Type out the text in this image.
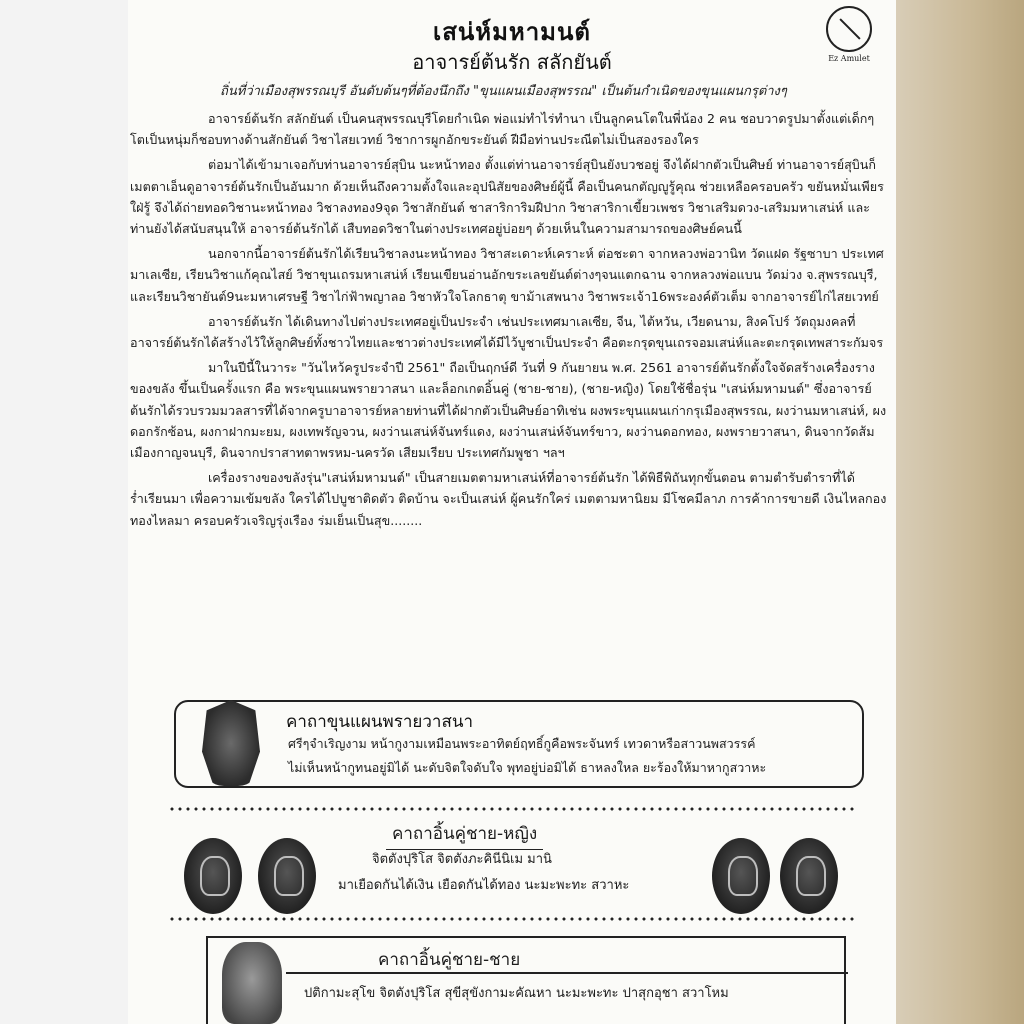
Ez Amulet
เสน่ห์มหามนต์
อาจารย์ต้นรัก สลักยันต์
ถิ่นที่ว่าเมืองสุพรรณบุรี อันดับต้นๆที่ต้องนึกถึง "ขุนแผนเมืองสุพรรณ" เป็นต้นกำเนิดของขุนแผนกรุต่างๆ

อาจารย์ต้นรัก สลักยันต์ เป็นคนสุพรรณบุรีโดยกำเนิด พ่อแม่ทำไร่ทำนา เป็นลูกคนโตในพี่น้อง 2 คน ชอบวาดรูปมาตั้งแต่เด็กๆ โตเป็นหนุ่มก็ชอบทางด้านสักยันต์ วิชาไสยเวทย์ วิชาการผูกอักขระยันต์ ฝีมือท่านประณีตไม่เป็นสองรองใคร

ต่อมาได้เข้ามาเจอกับท่านอาจารย์สุบิน นะหน้าทอง ตั้งแต่ท่านอาจารย์สุบินยังบวชอยู่ จึงได้ฝากตัวเป็นศิษย์ ท่านอาจารย์สุบินก็เมตตาเอ็นดูอาจารย์ต้นรักเป็นอันมาก ด้วยเห็นถึงความตั้งใจและอุปนิสัยของศิษย์ผู้นี้ คือเป็นคนกตัญญูรู้คุณ ช่วยเหลือครอบครัว ขยันหมั่นเพียร ใฝ่รู้ จึงได้ถ่ายทอดวิชานะหน้าทอง วิชาลงทอง9จุด วิชาสักยันต์ ชาสาริการิมฝีปาก วิชาสาริกาเขี้ยวเพชร วิชาเสริมดวง-เสริมมหาเสน่ห์ และท่านยังได้สนับสนุนให้ อาจารย์ต้นรักได้ เสืบทอดวิชาในต่างประเทศอยู่บ่อยๆ ด้วยเห็นในความสามารถของศิษย์คนนี้

นอกจากนี้อาจารย์ต้นรักได้เรียนวิชาลงนะหน้าทอง วิชาสะเดาะห์เคราะห์ ต่อชะตา จากหลวงพ่อวานิท วัดแฝด รัฐซาบา ประเทศมาเลเซีย, เรียนวิชาแก้คุณไสย์ วิชาขุนเถรมหาเสน่ห์ เรียนเขียนอ่านอักขระเลขยันต์ต่างๆจนแตกฉาน จากหลวงพ่อแบน วัดม่วง จ.สุพรรณบุรี, และเรียนวิชายันต์9นะมหาเศรษฐี วิชาไก่ฟ้าพญาลอ วิชาหัวใจโลกธาตุ ขาม้าเสพนาง วิชาพระเจ้า16พระองค์ตัวเต็ม จากอาจารย์ไก่ไสยเวทย์

อาจารย์ต้นรัก ได้เดินทางไปต่างประเทศอยู่เป็นประจำ เช่นประเทศมาเลเซีย, จีน, ไต้หวัน, เวียดนาม, สิงคโปร์ วัตถุมงคลที่อาจารย์ต้นรักได้สร้างไว้ให้ลูกศิษย์ทั้งชาวไทยและชาวต่างประเทศได้มีไว้บูชาเป็นประจำ คือตะกรุดขุนเถรจอมเสน่ห์และตะกรุดเทพสาระกัมจร

มาในปีนี้ในวาระ "วันไหว้ครูประจำปี 2561" ถือเป็นฤกษ์ดี วันที่ 9 กันยายน พ.ศ. 2561 อาจารย์ต้นรักตั้งใจจัดสร้างเครื่องรางของขลัง ขึ้นเป็นครั้งแรก คือ พระขุนแผนพรายวาสนา และล็อกเกตอิ้นคู่ (ชาย-ชาย), (ชาย-หญิง) โดยใช้ชื่อรุ่น "เสน่ห์มหามนต์" ซึ่งอาจารย์ต้นรักได้รวบรวมมวลสารที่ได้จากครูบาอาจารย์หลายท่านที่ได้ฝากตัวเป็นศิษย์อาทิเช่น ผงพระขุนแผนเก่ากรุเมืองสุพรรณ, ผงว่านมหาเสน่ห์, ผงดอกรักซ้อน, ผงกาฝากมะยม, ผงเทพรัญจวน, ผงว่านเสน่ห์จันทร์แดง, ผงว่านเสน่ห์จันทร์ขาว, ผงว่านดอกทอง, ผงพรายวาสนา, ดินจากวัดส้มเมืองกาญจนบุรี, ดินจากปราสาทตาพรหม-นครวัด เสียมเรียบ ประเทศกัมพูชา ฯลฯ

เครื่องรางของขลังรุ่น"เสน่ห์มหามนต์" เป็นสายเมตตามหาเสน่ห์ที่อาจารย์ต้นรัก ได้พิธีพิถันทุกขั้นตอน ตามตำรับตำราที่ได้ร่ำเรียนมา เพื่อความเข้มขลัง ใครได้ไปบูชาติดตัว ติดบ้าน จะเป็นเสน่ห์ ผู้คนรักใคร่ เมตตามหานิยม มีโชคมีลาภ การค้าการขายดี เงินไหลกอง ทองไหลมา ครอบครัวเจริญรุ่งเรือง ร่มเย็นเป็นสุข........

คาถาขุนแผนพรายวาสนา
ศรีๆจำเริญงาม หน้ากูงามเหมือนพระอาทิตย์ฤทธิ์กูคือพระจันทร์ เทวดาหรือสาวนพสวรรค์
ไม่เห็นหน้ากูทนอยู่มิได้ นะดับจิตใจดับใจ พุทอยู่บ่อมิได้ ธาหลงใหล ยะร้องให้มาหากูสวาหะ
คาถาอิ้นคู่ชาย-หญิง
จิตตังปุริโส จิตตังภะคินีนิเม มานิ
มาเยือดกันได้เงิน เยือดกันได้ทอง นะมะพะทะ สวาหะ
คาถาอิ้นคู่ชาย-ชาย
ปติกามะสุโข จิตตังปุริโส สุขีสุขังกามะคัณหา นะมะพะทะ ปาสุกอุชา สวาโหม
